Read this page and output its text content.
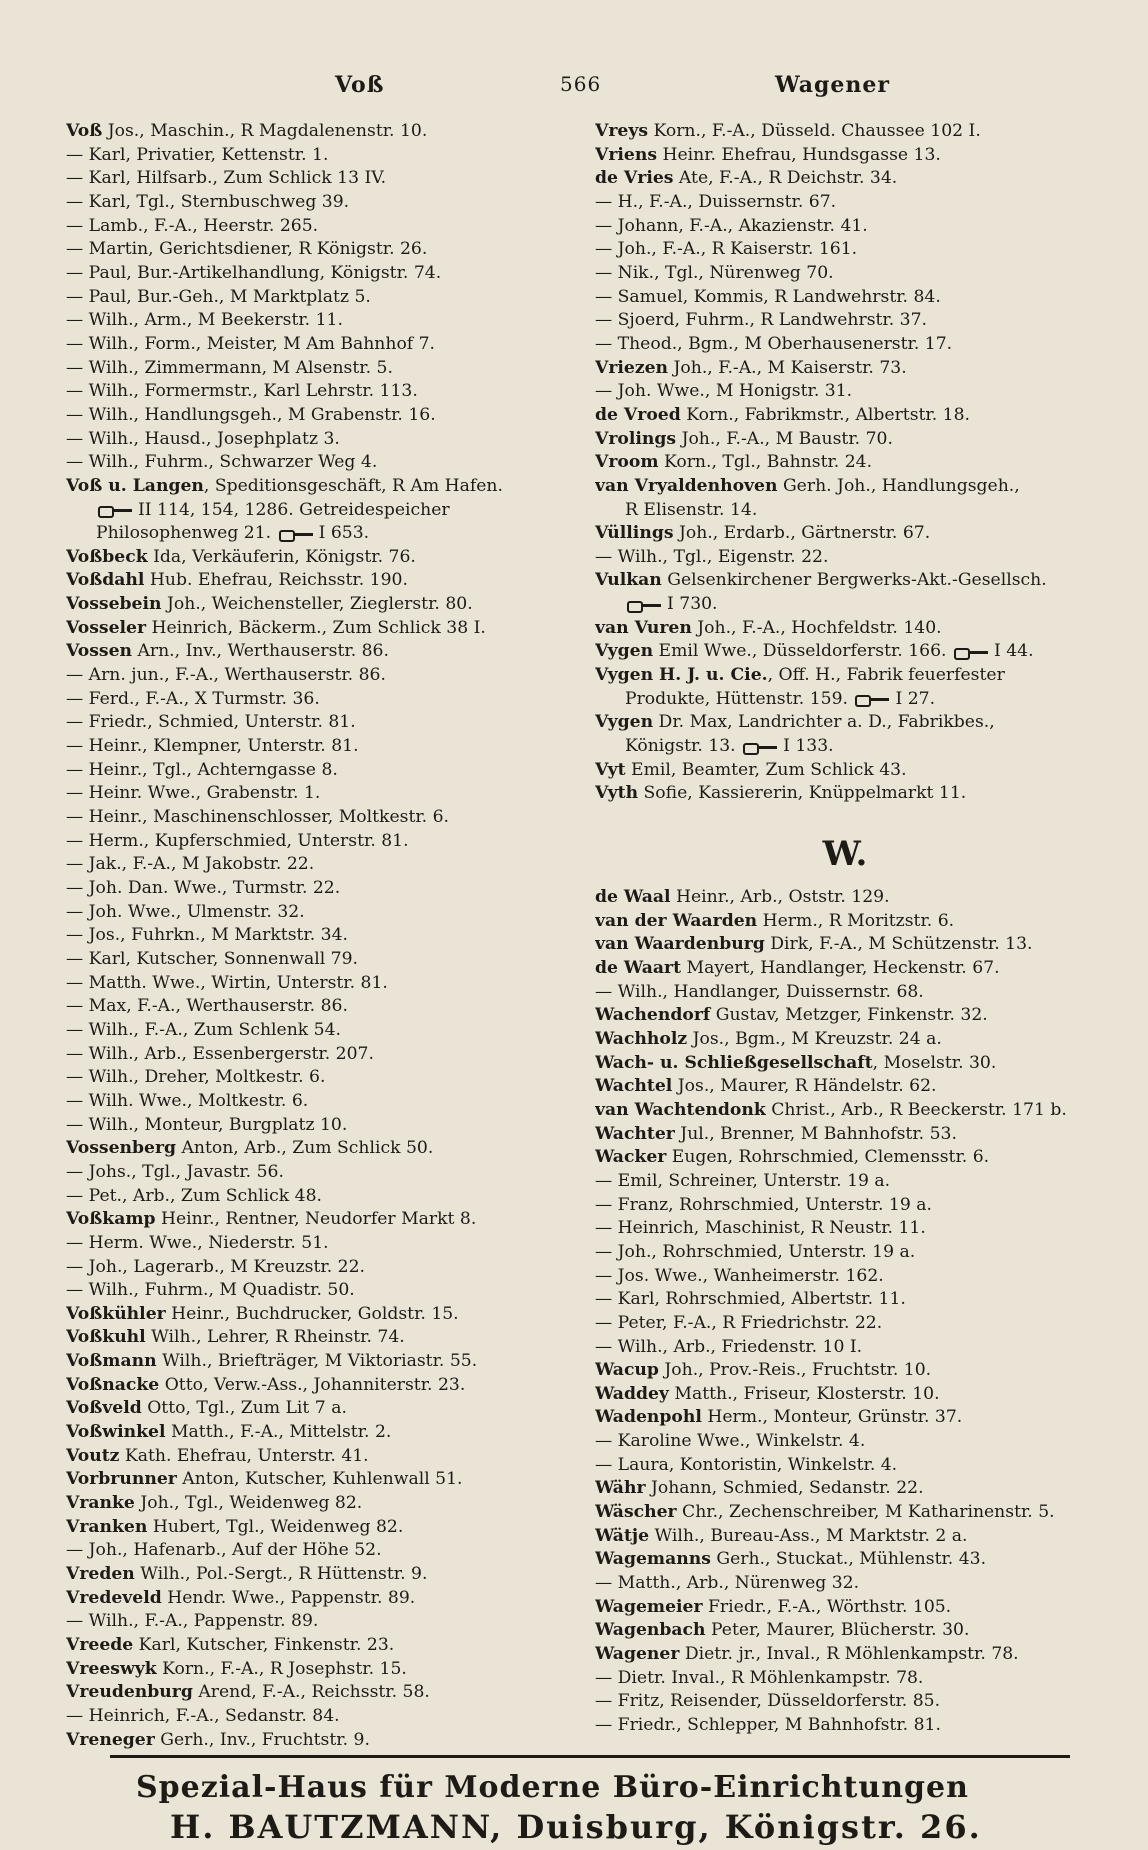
Voß	566	Wagener
Voß Jos., Maschin., R Magdalenenstr. 10.
— Karl, Privatier, Kettenstr. 1.
— Karl, Hilfsarb., Zum Schlick 13 IV.
— Karl, Tgl., Sternbuschweg 39.
— Lamb., F.-A., Heerstr. 265.
— Martin, Gerichtsdiener, R Königstr. 26.
— Paul, Bur.-Artikelhandlung, Königstr. 74.
— Paul, Bur.-Geh., M Marktplatz 5.
— Wilh., Arm., M Beekerstr. 11.
— Wilh., Form., Meister, M Am Bahnhof 7.
— Wilh., Zimmermann, M Alsenstr. 5.
— Wilh., Formermstr., Karl Lehrstr. 113.
— Wilh., Handlungsgeh., M Grabenstr. 16.
— Wilh., Hausd., Josephplatz 3.
— Wilh., Fuhrm., Schwarzer Weg 4.
Voß u. Langen, Speditionsgeschäft, R Am Hafen.
II 114, 154, 1286. Getreidespeicher
Philosophenweg 21.	I 653.
Voßbeck Ida, Verkäuferin, Königstr. 76.
Voßdahl Hub. Ehefrau, Reichsstr. 190.
Vossebein Joh., Weichensteller, Zieglerstr. 80.
Vosseler Heinrich, Bäckerm., Zum Schlick 38 I.
Vossen Arn., Inv., Werthauserstr. 86.
— Arn. jun., F.-A., Werthauserstr. 86.
— Ferd., F.-A., X Turmstr. 36.
— Friedr., Schmied, Unterstr. 81.
— Heinr., Klempner, Unterstr. 81.
— Heinr., Tgl., Achterngasse 8.
— Heinr. Wwe., Grabenstr. 1.
— Heinr., Maschinenschlosser, Moltkestr. 6.
— Herm., Kupferschmied, Unterstr. 81.
— Jak., F.-A., M Jakobstr. 22.
— Joh. Dan. Wwe., Turmstr. 22.
— Joh. Wwe., Ulmenstr. 32.
— Jos., Fuhrkn., M Marktstr. 34.
— Karl, Kutscher, Sonnenwall 79.
— Matth. Wwe., Wirtin, Unterstr. 81.
— Max, F.-A., Werthauserstr. 86.
— Wilh., F.-A., Zum Schlenk 54.
— Wilh., Arb., Essenbergerstr. 207.
— Wilh., Dreher, Moltkestr. 6.
— Wilh. Wwe., Moltkestr. 6.
— Wilh., Monteur, Burgplatz 10.
Vossenberg Anton, Arb., Zum Schlick 50.
— Johs., Tgl., Javastr. 56.
— Pet., Arb., Zum Schlick 48.
Voßkamp Heinr., Rentner, Neudorfer Markt 8.
— Herm. Wwe., Niederstr. 51.
— Joh., Lagerarb., M Kreuzstr. 22.
— Wilh., Fuhrm., M Quadistr. 50.
Voßkühler Heinr., Buchdrucker, Goldstr. 15.
Voßkuhl Wilh., Lehrer, R Rheinstr. 74.
Voßmann Wilh., Briefträger, M Viktoriastr. 55.
Voßnacke Otto, Verw.-Ass., Johanniterstr. 23.
Voßveld Otto, Tgl., Zum Lit 7 a.
Voßwinkel Matth., F.-A., Mittelstr. 2.
Voutz Kath. Ehefrau, Unterstr. 41.
Vorbrunner Anton, Kutscher, Kuhlenwall 51.
Vranke Joh., Tgl., Weidenweg 82.
Vranken Hubert, Tgl., Weidenweg 82.
— Joh., Hafenarb., Auf der Höhe 52.
Vreden Wilh., Pol.-Sergt., R Hüttenstr. 9.
Vredeveld Hendr. Wwe., Pappenstr. 89.
— Wilh., F.-A., Pappenstr. 89.
Vreede Karl, Kutscher, Finkenstr. 23.
Vreeswyk Korn., F.-A., R Josephstr. 15.
Vreudenburg Arend, F.-A., Reichsstr. 58.
— Heinrich, F.-A., Sedanstr. 84.
Vreneger Gerh., Inv., Fruchtstr. 9.
Vreys Korn., F.-A., Düsseld. Chaussee 102 I.
Vriens Heinr. Ehefrau, Hundsgasse 13.
de Vries Ate, F.-A., R Deichstr. 34.
— H., F.-A., Duissernstr. 67.
— Johann, F.-A., Akazienstr. 41.
— Joh., F.-A., R Kaiserstr. 161.
— Nik., Tgl., Nürenweg 70.
— Samuel, Kommis, R Landwehrstr. 84.
— Sjoerd, Fuhrm., R Landwehrstr. 37.
— Theod., Bgm., M Oberhausenerstr. 17.
Vriezen Joh., F.-A., M Kaiserstr. 73.
— Joh. Wwe., M Honigstr. 31.
de Vroed Korn., Fabrikmstr., Albertstr. 18.
Vrolings Joh., F.-A., M Baustr. 70.
Vroom Korn., Tgl., Bahnstr. 24.
van Vryaldenhoven Gerh. Joh., Handlungsgeh.,
R Elisenstr. 14.
Vüllings Joh., Erdarb., Gärtnerstr. 67.
— Wilh., Tgl., Eigenstr. 22.
Vulkan Gelsenkirchener Bergwerks-Akt.-Gesellsch.
I 730.
van Vuren Joh., F.-A., Hochfeldstr. 140.
Vygen Emil Wwe., Düsseldorferstr. 166.	I 44.
Vygen H. J. u. Cie., Off. H., Fabrik feuerfester
Produkte, Hüttenstr. 159.	I 27.
Vygen Dr. Max, Landrichter a. D., Fabrikbes.,
Königstr. 13.	I 133.
Vyt Emil, Beamter, Zum Schlick 43.
Vyth Sofie, Kassiererin, Knüppelmarkt 11.
W.
de Waal Heinr., Arb., Oststr. 129.
van der Waarden Herm., R Moritzstr. 6.
van Waardenburg Dirk, F.-A., M Schützenstr. 13.
de Waart Mayert, Handlanger, Heckenstr. 67.
— Wilh., Handlanger, Duissernstr. 68.
Wachendorf Gustav, Metzger, Finkenstr. 32.
Wachholz Jos., Bgm., M Kreuzstr. 24 a.
Wach- u. Schließgesellschaft, Moselstr. 30.
Wachtel Jos., Maurer, R Händelstr. 62.
van Wachtendonk Christ., Arb., R Beeckerstr. 171 b.
Wachter Jul., Brenner, M Bahnhofstr. 53.
Wacker Eugen, Rohrschmied, Clemensstr. 6.
— Emil, Schreiner, Unterstr. 19 a.
— Franz, Rohrschmied, Unterstr. 19 a.
— Heinrich, Maschinist, R Neustr. 11.
— Joh., Rohrschmied, Unterstr. 19 a.
— Jos. Wwe., Wanheimerstr. 162.
— Karl, Rohrschmied, Albertstr. 11.
— Peter, F.-A., R Friedrichstr. 22.
— Wilh., Arb., Friedenstr. 10 I.
Wacup Joh., Prov.-Reis., Fruchtstr. 10.
Waddey Matth., Friseur, Klosterstr. 10.
Wadenpohl Herm., Monteur, Grünstr. 37.
— Karoline Wwe., Winkelstr. 4.
— Laura, Kontoristin, Winkelstr. 4.
Währ Johann, Schmied, Sedanstr. 22.
Wäscher Chr., Zechenschreiber, M Katharinenstr. 5.
Wätje Wilh., Bureau-Ass., M Marktstr. 2 a.
Wagemanns Gerh., Stuckat., Mühlenstr. 43.
— Matth., Arb., Nürenweg 32.
Wagemeier Friedr., F.-A., Wörthstr. 105.
Wagenbach Peter, Maurer, Blücherstr. 30.
Wagener Dietr. jr., Inval., R Möhlenkampstr. 78.
— Dietr. Inval., R Möhlenkampstr. 78.
— Fritz, Reisender, Düsseldorferstr. 85.
— Friedr., Schlepper, M Bahnhofstr. 81.
Spezial-Haus für Moderne Büro-Einrichtungen
H. BAUTZMANN, Duisburg, Königstr. 26.
